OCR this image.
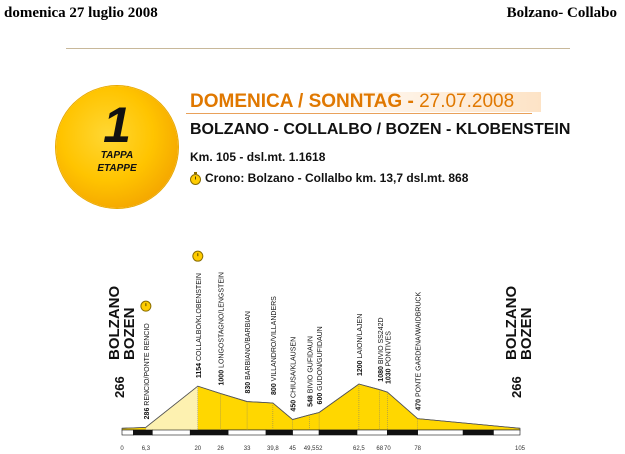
domenica 27 luglio 2008	Bolzano- Collabo
1
TAPPA
ETAPPE
DOMENICA / SONNTAG - 27.07.2008
BOLZANO - COLLALBO / BOZEN - KLOBENSTEIN
Km. 105 - dsl.mt. 1.1618
Crono: Bolzano - Collalbo km. 13,7 dsl.mt. 868
0	6,3	20	26	33	39,8 45 49,5 52	62,5 68 70	78	105
BOLZANO
BOZEN
266
BOLZANO
BOZEN
266
286 RENCIO/PONTE RENCIO	1154 COLLALBO/KLOBENSTEIN
1000 LONGOSTAGNO/LENGSTEIN
830 BARBIANO/BARBIAN
800 VILLANDRO/VILLANDERS
450 CHIUSA/KLAUSEN
548 BIVIO GUFIDAUN
600 GUDON/GUFIDAUN	1200 LAION/LAJEN
1080 BIVIO SS242D
1030 PONTIVES
470 PONTE GARDENA/WAIDBRUCK
